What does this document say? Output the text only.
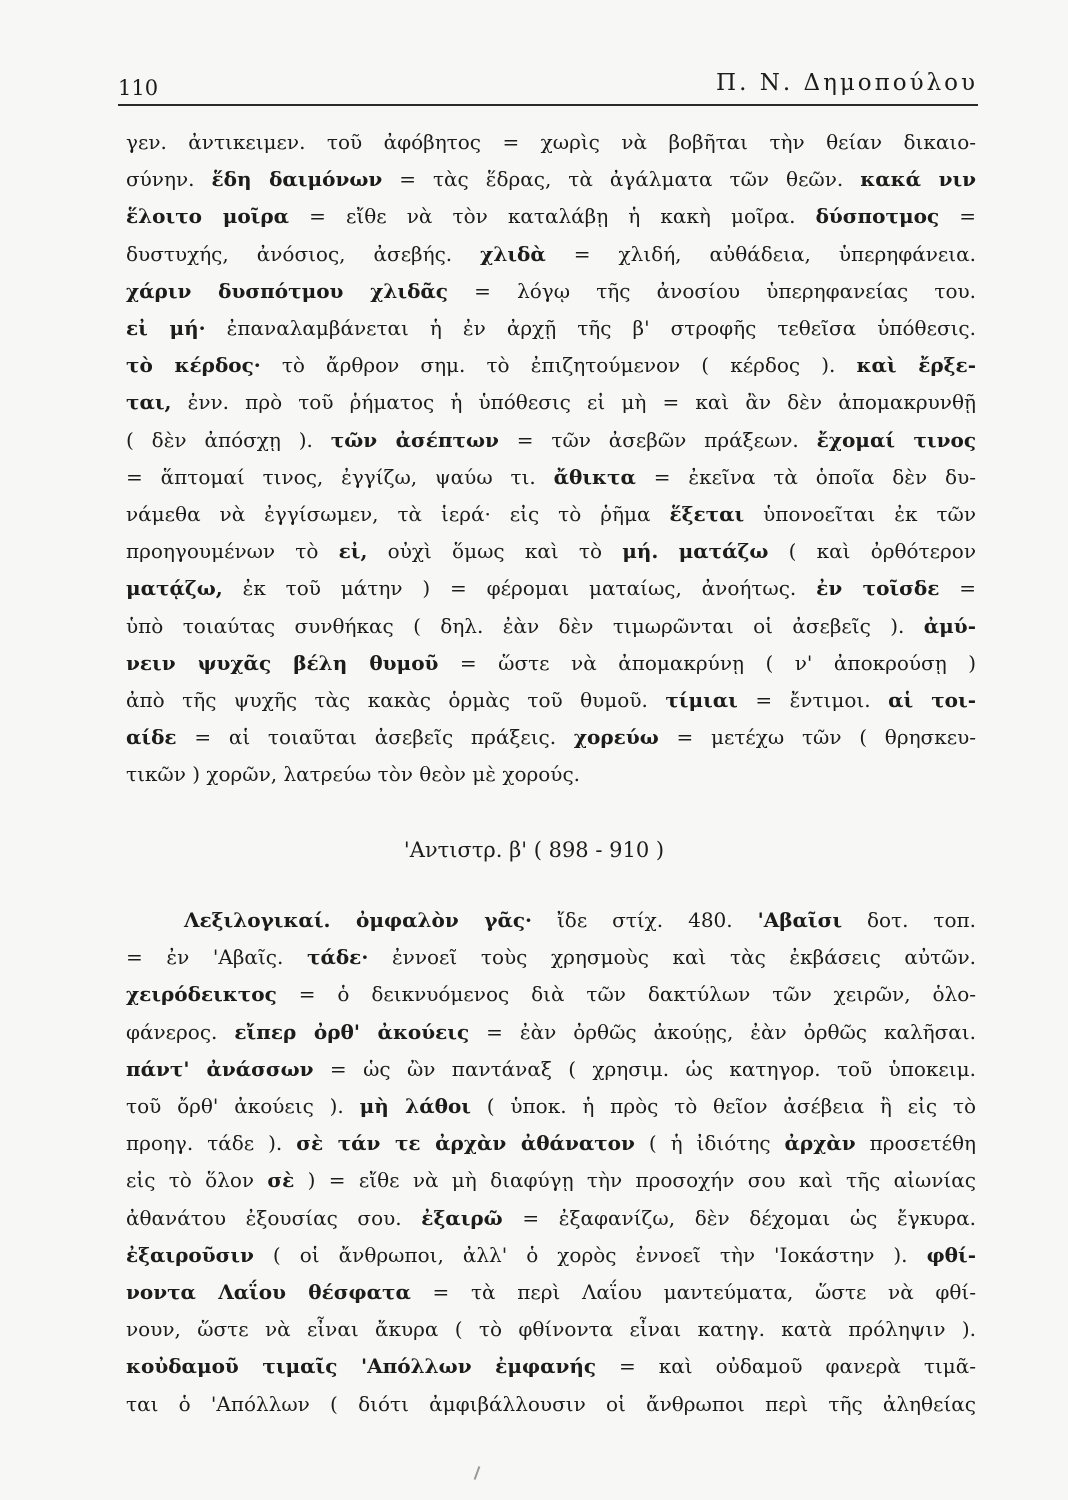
110	Π. Ν. Δημοπούλου
γεν. ἀντικειμεν. τοῦ ἀφόβητος = χωρὶς νὰ βοβῆται τὴν θείαν δικαιο-
σύνην. ἕδη δαιμόνων = τὰς ἕδρας, τὰ ἀγάλματα τῶν θεῶν. κακά νιν
ἕλοιτο μοῖρα = εἴθε νὰ τὸν καταλάβῃ ἡ κακὴ μοῖρα. δύσποτμος =
δυστυχής, ἀνόσιος, ἀσεβής. χλιδὰ = χλιδή, αὐθάδεια, ὑπερηφάνεια.
χάριν δυσπότμου χλιδᾶς = λόγῳ τῆς ἀνοσίου ὑπερηφανείας του.
εἰ μή· ἐπαναλαμβάνεται ἡ ἐν ἀρχῇ τῆς β' στροφῆς τεθεῖσα ὑπόθεσις.
τὸ κέρδος· τὸ ἄρθρον σημ. τὸ ἐπιζητούμενον ( κέρδος ). καὶ ἔρξε-
ται, ἐνν. πρὸ τοῦ ῥήματος ἡ ὑπόθεσις εἰ μὴ = καὶ ἂν δὲν ἀπομακρυνθῇ
( δὲν ἀπόσχῃ ). τῶν ἀσέπτων = τῶν ἀσεβῶν πράξεων. ἔχομαί τινος
= ἅπτομαί τινος, ἐγγίζω, ψαύω τι. ἄθικτα = ἐκεῖνα τὰ ὁποῖα δὲν δυ-
νάμεθα νὰ ἐγγίσωμεν, τὰ ἱερά· εἰς τὸ ῥῆμα ἕξεται ὑπονοεῖται ἐκ τῶν
προηγουμένων τὸ εἰ, οὐχὶ ὅμως καὶ τὸ μή. ματάζω ( καὶ ὀρθότερον
ματᾴζω, ἐκ τοῦ μάτην ) = φέρομαι ματαίως, ἀνοήτως. ἐν τοῖσδε =
ὑπὸ τοιαύτας συνθήκας ( δηλ. ἐὰν δὲν τιμωρῶνται οἱ ἀσεβεῖς ). ἀμύ-
νειν ψυχᾶς βέλη θυμοῦ = ὥστε νὰ ἀπομακρύνῃ ( ν' ἀποκρούσῃ )
ἀπὸ τῆς ψυχῆς τὰς κακὰς ὁρμὰς τοῦ θυμοῦ. τίμιαι = ἔντιμοι. αἱ τοι-
αίδε = αἱ τοιαῦται ἀσεβεῖς πράξεις. χορεύω = μετέχω τῶν ( θρησκευ-
τικῶν ) χορῶν, λατρεύω τὸν θεὸν μὲ χορούς.
'Αντιστρ. β' ( 898 - 910 )
Λεξιλογικαί. ὀμφαλὸν γᾶς· ἴδε στίχ. 480. 'Αβαῖσι δοτ. τοπ.
= ἐν 'Αβαῖς. τάδε· ἐννοεῖ τοὺς χρησμοὺς καὶ τὰς ἐκβάσεις αὐτῶν.
χειρόδεικτος = ὁ δεικνυόμενος διὰ τῶν δακτύλων τῶν χειρῶν, ὁλο-
φάνερος. εἴπερ ὀρθ' ἀκούεις = ἐὰν ὀρθῶς ἀκούῃς, ἐὰν ὀρθῶς καλῆσαι.
πάντ' ἀνάσσων = ὡς ὢν παντάναξ ( χρησιμ. ὡς κατηγορ. τοῦ ὑποκειμ.
τοῦ ὄρθ' ἀκούεις ). μὴ λάθοι ( ὑποκ. ἡ πρὸς τὸ θεῖον ἀσέβεια ἢ εἰς τὸ
προηγ. τάδε ). σὲ τάν τε ἀρχὰν ἀθάνατον ( ἡ ἰδιότης ἀρχὰν προσετέθη
εἰς τὸ ὅλον σὲ ) = εἴθε νὰ μὴ διαφύγῃ τὴν προσοχήν σου καὶ τῆς αἰωνίας
ἀθανάτου ἐξουσίας σου. ἐξαιρῶ = ἐξαφανίζω, δὲν δέχομαι ὡς ἔγκυρα.
ἐξαιροῦσιν ( οἱ ἄνθρωποι, ἀλλ' ὁ χορὸς ἐννοεῖ τὴν 'Ιοκάστην ). φθί-
νοντα Λαΐου θέσφατα = τὰ περὶ Λαΐου μαντεύματα, ὥστε νὰ φθί-
νουν, ὥστε νὰ εἶναι ἄκυρα ( τὸ φθίνοντα εἶναι κατηγ. κατὰ πρόληψιν ).
κοὐδαμοῦ τιμαῖς 'Απόλλων ἐμφανής = καὶ οὐδαμοῦ φανερὰ τιμᾶ-
ται ὁ 'Απόλλων ( διότι ἀμφιβάλλουσιν οἱ ἄνθρωποι περὶ τῆς ἀληθείας
